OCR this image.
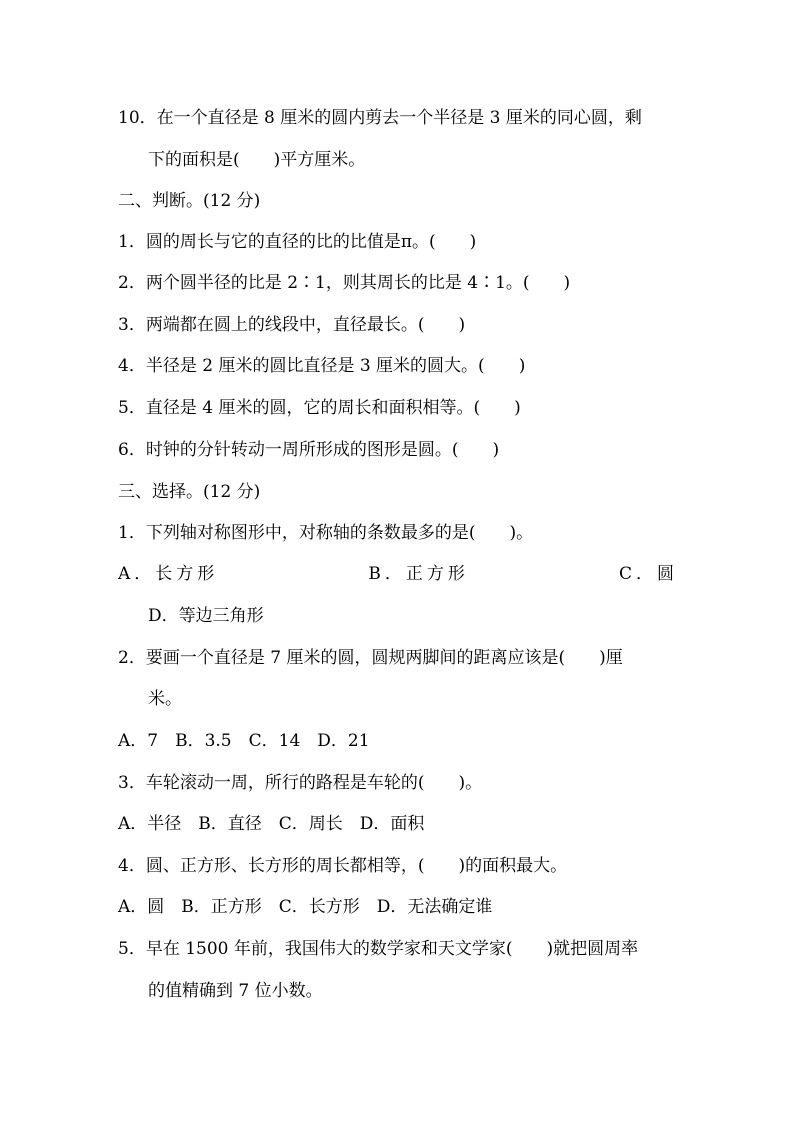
10．在一个直径是 8 厘米的圆内剪去一个半径是 3 厘米的同心圆，剩
下的面积是(　　)平方厘米。
二、判断。(12 分)
1．圆的周长与它的直径的比的比值是π。(　　)
2．两个圆半径的比是 2∶1，则其周长的比是 4∶1。(　　)
3．两端都在圆上的线段中，直径最长。(　　)
4．半径是 2 厘米的圆比直径是 3 厘米的圆大。(　　)
5．直径是 4 厘米的圆，它的周长和面积相等。(　　)
6．时钟的分针转动一周所形成的图形是圆。(　　)
三、选择。(12 分)
1．下列轴对称图形中，对称轴的条数最多的是(　　)。
A．长方形	B．正方形	C．圆
D．等边三角形
2．要画一个直径是 7 厘米的圆，圆规两脚间的距离应该是(　　)厘
米。
A．7　B．3.5　C．14　D．21
3．车轮滚动一周，所行的路程是车轮的(　　)。
A．半径　B．直径　C．周长　D．面积
4．圆、正方形、长方形的周长都相等，(　　)的面积最大。
A．圆　B．正方形　C．长方形　D．无法确定谁
5．早在 1500 年前，我国伟大的数学家和天文学家(　　)就把圆周率
的值精确到 7 位小数。
